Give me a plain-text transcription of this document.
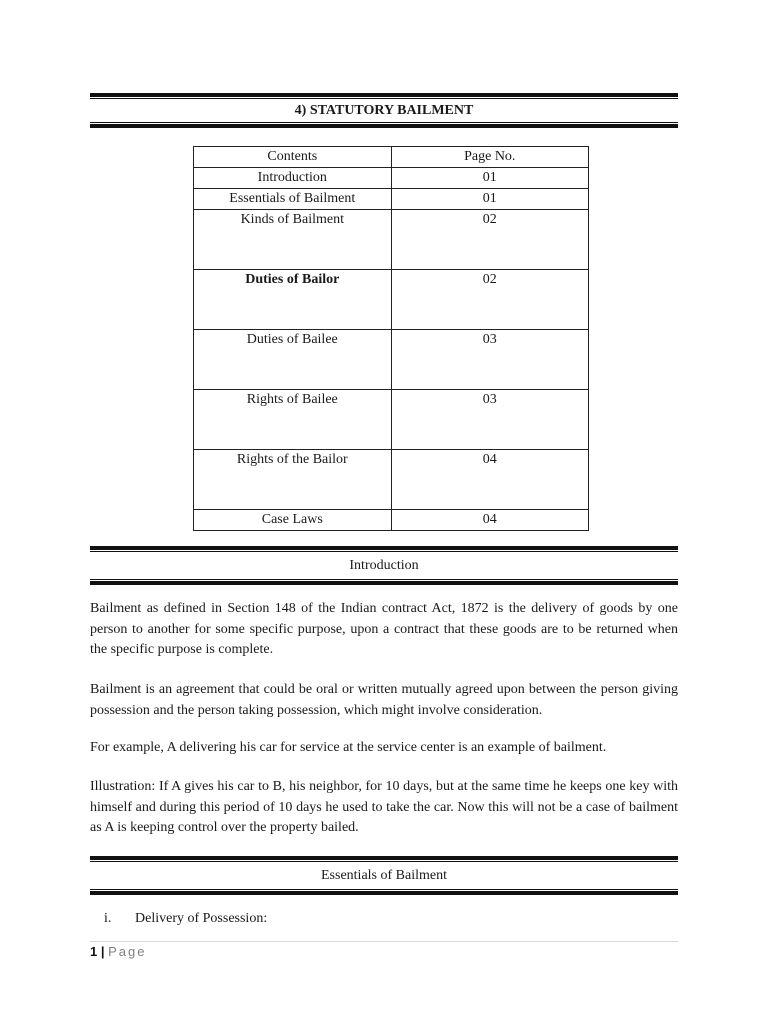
4) STATUTORY BAILMENT
Contents	Page No.
Introduction	01
Essentials of Bailment	01
Kinds of Bailment	02
Duties of Bailor	02
Duties of Bailee	03
Rights of Bailee	03
Rights of the Bailor	04
Case Laws	04
Introduction

Bailment as defined in Section 148 of the Indian contract Act, 1872 is the delivery of goods by one person to another for some specific purpose, upon a contract that these goods are to be returned when the specific purpose is complete.

Bailment is an agreement that could be oral or written mutually agreed upon between the person giving possession and the person taking possession, which might involve consideration.

For example, A delivering his car for service at the service center is an example of bailment.

Illustration: If A gives his car to B, his neighbor, for 10 days, but at the same time he keeps one key with himself and during this period of 10 days he used to take the car. Now this will not be a case of bailment as A is keeping control over the property bailed.

Essentials of Bailment
i. Delivery of Possession:
1 | Page
